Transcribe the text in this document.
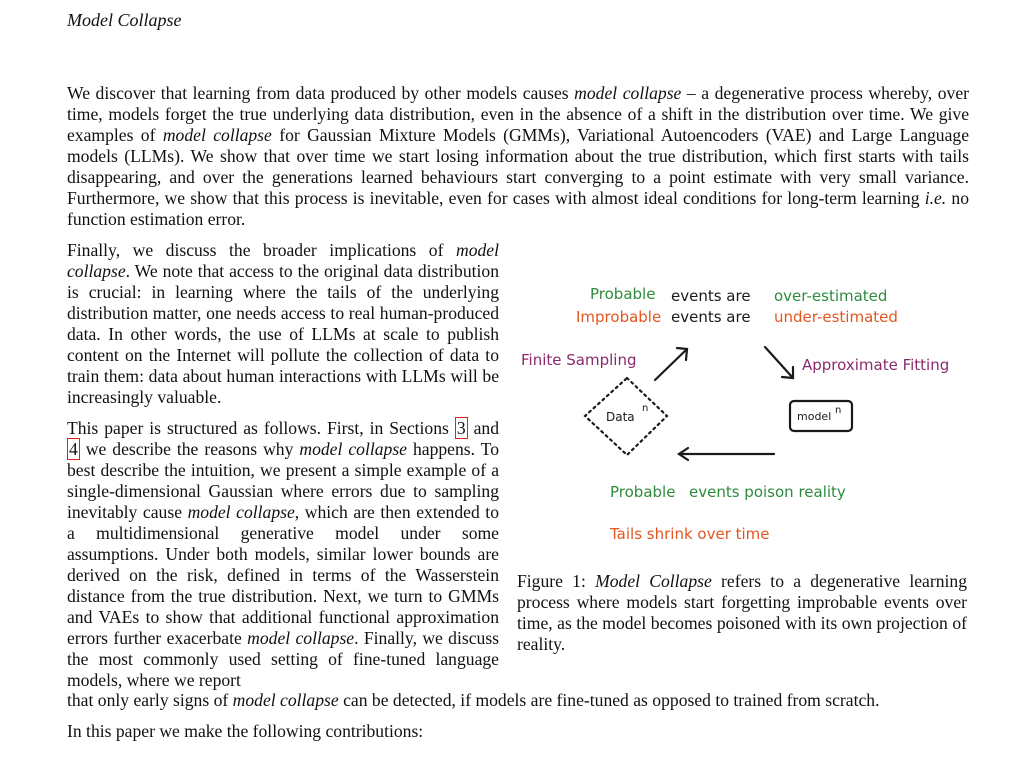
Model Collapse
We discover that learning from data produced by other models causes model collapse – a degenerative process whereby, over time, models forget the true underlying data distribution, even in the absence of a shift in the distribution over time. We give examples of model collapse for Gaussian Mixture Models (GMMs), Variational Autoencoders (VAE) and Large Language models (LLMs). We show that over time we start losing information about the true distribution, which first starts with tails disappearing, and over the generations learned behaviours start converging to a point estimate with very small variance. Furthermore, we show that this process is inevitable, even for cases with almost ideal conditions for long-term learning i.e. no function estimation error.

Finally, we discuss the broader implications of model collapse. We note that access to the original data distribution is crucial: in learning where the tails of the underlying distribution matter, one needs access to real human-produced data. In other words, the use of LLMs at scale to publish content on the Internet will pollute the collection of data to train them: data about human interactions with LLMs will be increasingly valuable.

This paper is structured as follows. First, in Sections 3 and 4 we describe the reasons why model collapse happens. To best describe the intuition, we present a simple example of a single-dimensional Gaussian where errors due to sampling inevitably cause model collapse, which are then extended to a multidimensional generative model under some assumptions. Under both models, similar lower bounds are derived on the risk, defined in terms of the Wasserstein distance from the true distribution. Next, we turn to GMMs and VAEs to show that additional functional approximation errors further exacerbate model collapse. Finally, we discuss the most commonly used setting of fine-tuned language models, where we report

that only early signs of model collapse can be detected, if models are fine-tuned as opposed to trained from scratch.
In this paper we make the following contributions:
Probable events are over-estimated
Improbable events are under-estimated
Finite Sampling	Approximate Fitting
Data
n
model n
Probable events poison reality
Tails shrink over time
Figure 1: Model Collapse refers to a degenerative learning process where models start forgetting improbable events over time, as the model becomes poisoned with its own projection of reality.
